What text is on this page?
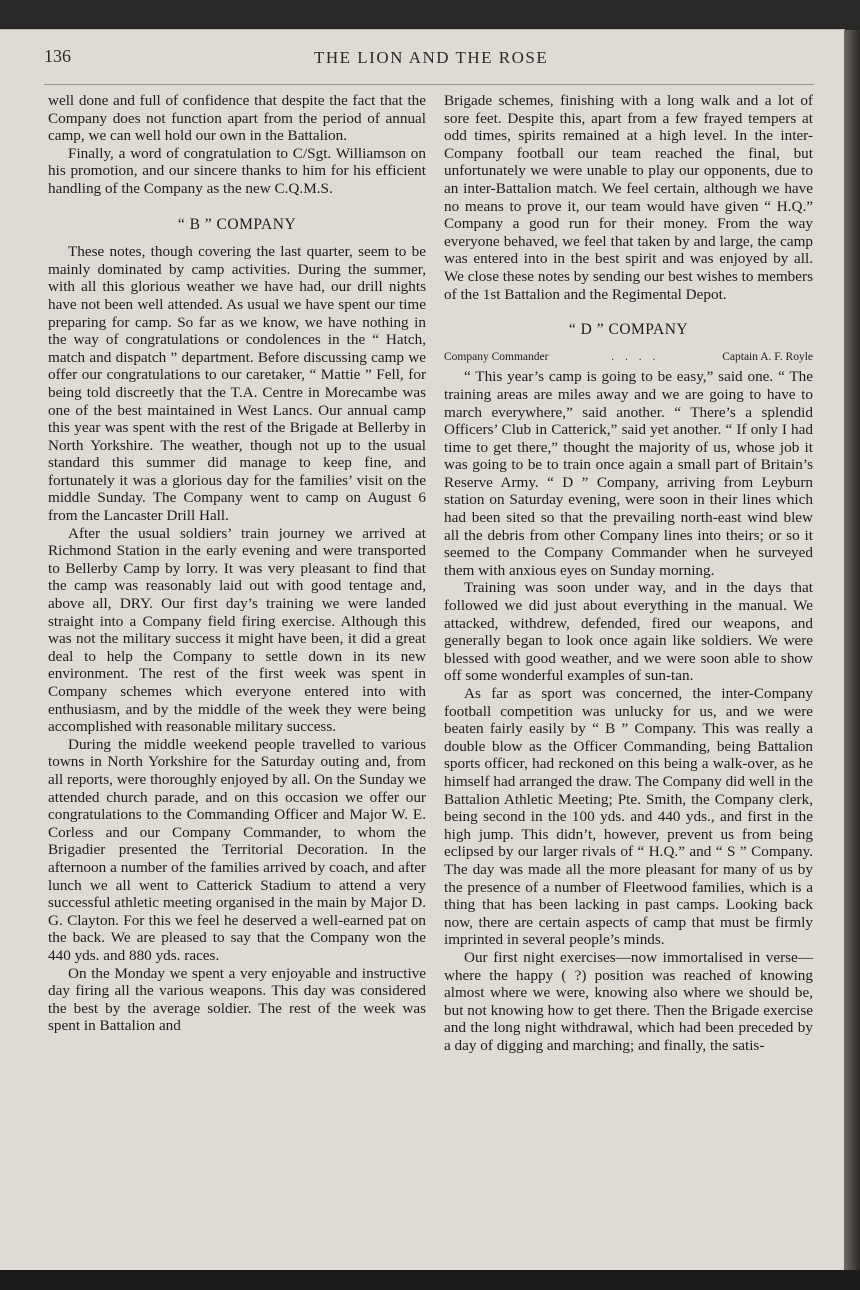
136	THE LION AND THE ROSE

well done and full of confidence that despite the fact that the Company does not function apart from the period of annual camp, we can well hold our own in the Battalion.

Finally, a word of congratulation to C/Sgt. Williamson on his promotion, and our sincere thanks to him for his efficient handling of the Company as the new C.Q.M.S.

“ B ” COMPANY

These notes, though covering the last quarter, seem to be mainly dominated by camp activities. During the summer, with all this glorious weather we have had, our drill nights have not been well attended. As usual we have spent our time preparing for camp. So far as we know, we have nothing in the way of congratulations or condolences in the “ Hatch, match and dispatch ” department. Before discussing camp we offer our congratulations to our caretaker, “ Mattie ” Fell, for being told discreetly that the T.A. Centre in Morecambe was one of the best maintained in West Lancs. Our annual camp this year was spent with the rest of the Brigade at Bellerby in North Yorkshire. The weather, though not up to the usual standard this summer did manage to keep fine, and fortunately it was a glorious day for the families’ visit on the middle Sunday. The Company went to camp on August 6 from the Lancaster Drill Hall.

After the usual soldiers’ train journey we arrived at Richmond Station in the early evening and were transported to Bellerby Camp by lorry. It was very pleasant to find that the camp was reasonably laid out with good tentage and, above all, DRY. Our first day’s training we were landed straight into a Company field firing exercise. Although this was not the military success it might have been, it did a great deal to help the Company to settle down in its new environment. The rest of the first week was spent in Company schemes which everyone entered into with enthusiasm, and by the middle of the week they were being accomplished with reasonable military success.

During the middle weekend people travelled to various towns in North Yorkshire for the Saturday outing and, from all reports, were thoroughly enjoyed by all. On the Sunday we attended church parade, and on this occasion we offer our congratulations to the Commanding Officer and Major W. E. Corless and our Company Commander, to whom the Brigadier presented the Territorial Decoration. In the afternoon a number of the families arrived by coach, and after lunch we all went to Catterick Stadium to attend a very successful athletic meeting organised in the main by Major D. G. Clayton. For this we feel he deserved a well-earned pat on the back. We are pleased to say that the Company won the 440 yds. and 880 yds. races.

On the Monday we spent a very enjoyable and instructive day firing all the various weapons. This day was considered the best by the average soldier. The rest of the week was spent in Battalion and

Brigade schemes, finishing with a long walk and a lot of sore feet. Despite this, apart from a few frayed tempers at odd times, spirits remained at a high level. In the inter-Company football our team reached the final, but unfortunately we were unable to play our opponents, due to an inter-Battalion match. We feel certain, although we have no means to prove it, our team would have given “ H.Q.” Company a good run for their money. From the way everyone behaved, we feel that taken by and large, the camp was entered into in the best spirit and was enjoyed by all. We close these notes by sending our best wishes to members of the 1st Battalion and the Regimental Depot.

“ D ” COMPANY
Company Commander	. . . .	Captain A. F. Royle

“ This year’s camp is going to be easy,” said one. “ The training areas are miles away and we are going to have to march everywhere,” said another. “ There’s a splendid Officers’ Club in Catterick,” said yet another. “ If only I had time to get there,” thought the majority of us, whose job it was going to be to train once again a small part of Britain’s Reserve Army. “ D ” Company, arriving from Leyburn station on Saturday evening, were soon in their lines which had been sited so that the prevailing north-east wind blew all the debris from other Company lines into theirs; or so it seemed to the Company Commander when he surveyed them with anxious eyes on Sunday morning.

Training was soon under way, and in the days that followed we did just about everything in the manual. We attacked, withdrew, defended, fired our weapons, and generally began to look once again like soldiers. We were blessed with good weather, and we were soon able to show off some wonderful examples of sun-tan.

As far as sport was concerned, the inter-Company football competition was unlucky for us, and we were beaten fairly easily by “ B ” Company. This was really a double blow as the Officer Commanding, being Battalion sports officer, had reckoned on this being a walk-over, as he himself had arranged the draw. The Company did well in the Battalion Athletic Meeting; Pte. Smith, the Company clerk, being second in the 100 yds. and 440 yds., and first in the high jump. This didn’t, however, prevent us from being eclipsed by our larger rivals of “ H.Q.” and “ S ” Company. The day was made all the more pleasant for many of us by the presence of a number of Fleetwood families, which is a thing that has been lacking in past camps. Looking back now, there are certain aspects of camp that must be firmly imprinted in several people’s minds.

Our first night exercises—now immortalised in verse—where the happy ( ?) position was reached of knowing almost where we were, knowing also where we should be, but not knowing how to get there. Then the Brigade exercise and the long night withdrawal, which had been preceded by a day of digging and marching; and finally, the satis-
